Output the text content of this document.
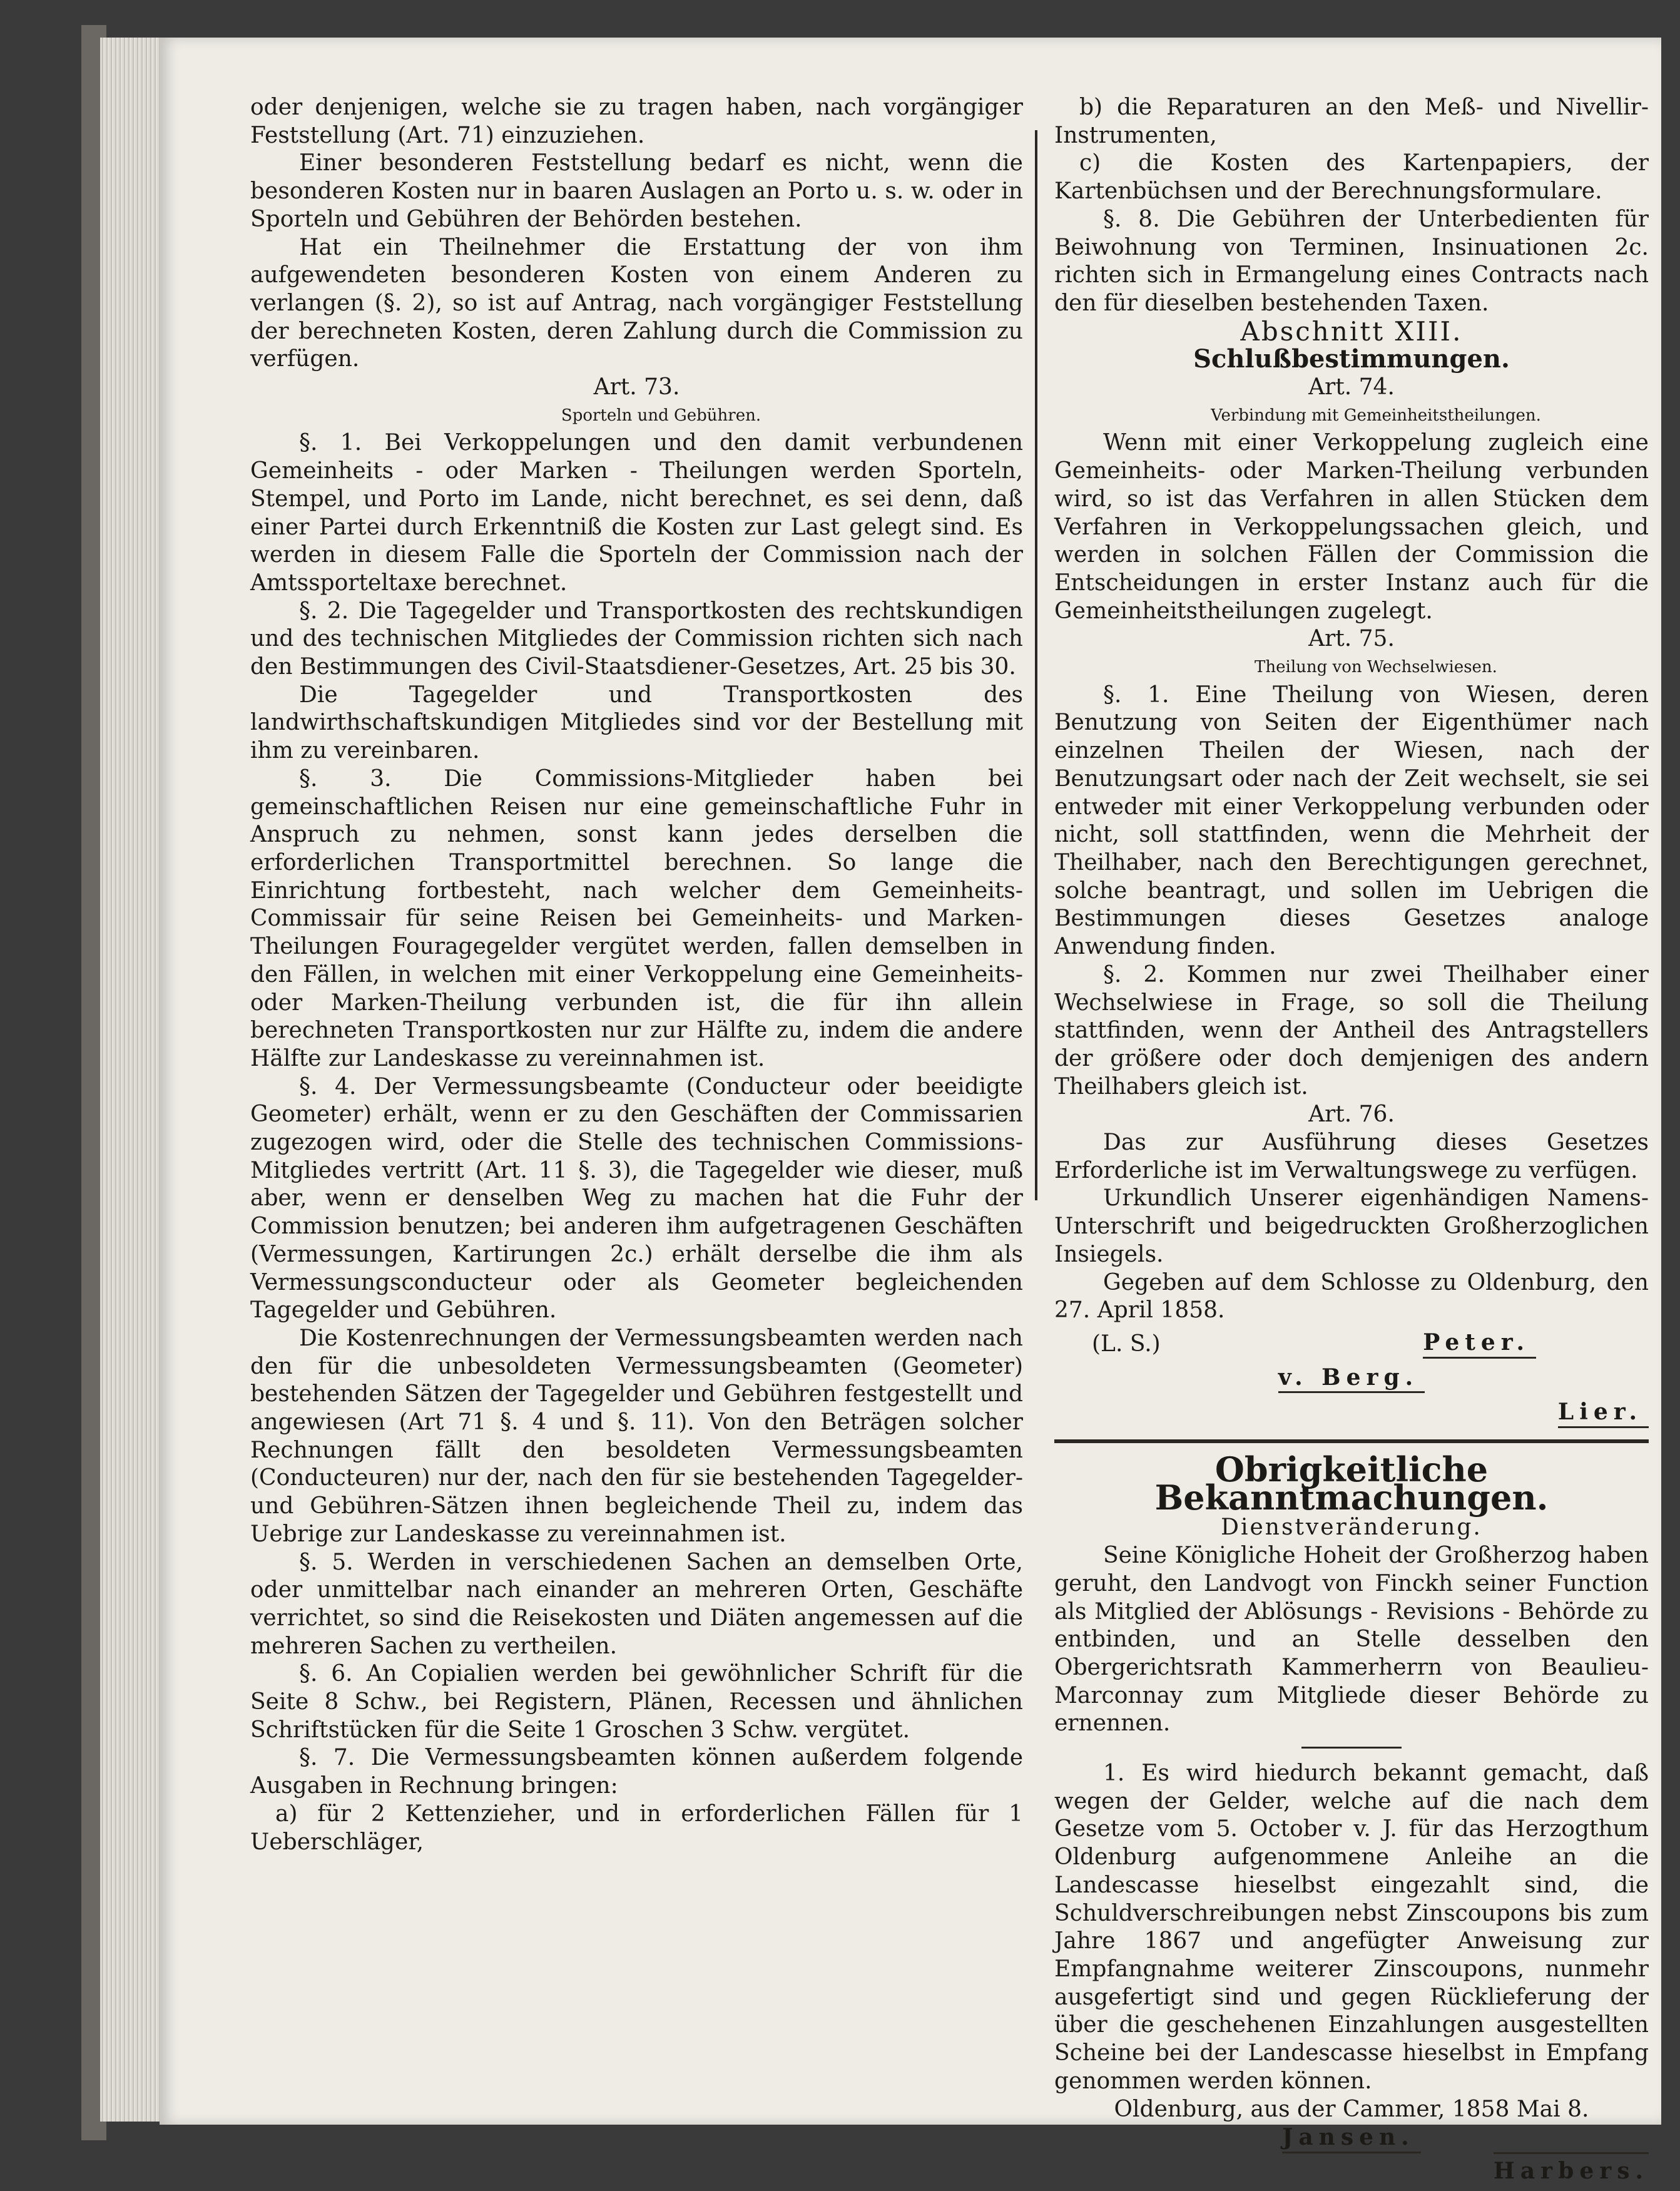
oder denjenigen, welche sie zu tragen haben, nach vorgängiger Feststellung (Art. 71) einzuziehen.

Einer besonderen Feststellung bedarf es nicht, wenn die besonderen Kosten nur in baaren Auslagen an Porto u. s. w. oder in Sporteln und Gebühren der Behörden bestehen.

Hat ein Theilnehmer die Erstattung der von ihm aufgewendeten besonderen Kosten von einem Anderen zu verlangen (§. 2), so ist auf Antrag, nach vorgängiger Feststellung der berechneten Kosten, deren Zahlung durch die Commission zu verfügen.

Art. 73.

Sporteln und Gebühren.

§. 1. Bei Verkoppelungen und den damit verbundenen Gemeinheits - oder Marken - Theilungen werden Sporteln, Stempel, und Porto im Lande, nicht berechnet, es sei denn, daß einer Partei durch Erkenntniß die Kosten zur Last gelegt sind. Es werden in diesem Falle die Sporteln der Commission nach der Amtssporteltaxe berechnet.

§. 2. Die Tagegelder und Transportkosten des rechtskundigen und des technischen Mitgliedes der Commission richten sich nach den Bestimmungen des Civil-Staatsdiener-Gesetzes, Art. 25 bis 30.

Die Tagegelder und Transportkosten des landwirthschaftskundigen Mitgliedes sind vor der Bestellung mit ihm zu vereinbaren.

§. 3. Die Commissions-Mitglieder haben bei gemeinschaftlichen Reisen nur eine gemeinschaftliche Fuhr in Anspruch zu nehmen, sonst kann jedes derselben die erforderlichen Transportmittel berechnen. So lange die Einrichtung fortbesteht, nach welcher dem Gemeinheits-Commissair für seine Reisen bei Gemeinheits- und Marken-Theilungen Fouragegelder vergütet werden, fallen demselben in den Fällen, in welchen mit einer Verkoppelung eine Gemeinheits- oder Marken-Theilung verbunden ist, die für ihn allein berechneten Transportkosten nur zur Hälfte zu, indem die andere Hälfte zur Landeskasse zu vereinnahmen ist.

§. 4. Der Vermessungsbeamte (Conducteur oder beeidigte Geometer) erhält, wenn er zu den Geschäften der Commissarien zugezogen wird, oder die Stelle des technischen Commissions-Mitgliedes vertritt (Art. 11 §. 3), die Tagegelder wie dieser, muß aber, wenn er denselben Weg zu machen hat die Fuhr der Commission benutzen; bei anderen ihm aufgetragenen Geschäften (Vermessungen, Kartirungen 2c.) erhält derselbe die ihm als Vermessungsconducteur oder als Geometer begleichenden Tagegelder und Gebühren.

Die Kostenrechnungen der Vermessungsbeamten werden nach den für die unbesoldeten Vermessungsbeamten (Geometer) bestehenden Sätzen der Tagegelder und Gebühren festgestellt und angewiesen (Art 71 §. 4 und §. 11). Von den Beträgen solcher Rechnungen fällt den besoldeten Vermessungsbeamten (Conducteuren) nur der, nach den für sie bestehenden Tagegelder- und Gebühren-Sätzen ihnen begleichende Theil zu, indem das Uebrige zur Landeskasse zu vereinnahmen ist.

§. 5. Werden in verschiedenen Sachen an demselben Orte, oder unmittelbar nach einander an mehreren Orten, Geschäfte verrichtet, so sind die Reisekosten und Diäten angemessen auf die mehreren Sachen zu vertheilen.

§. 6. An Copialien werden bei gewöhnlicher Schrift für die Seite 8 Schw., bei Registern, Plänen, Recessen und ähnlichen Schriftstücken für die Seite 1 Groschen 3 Schw. vergütet.

§. 7. Die Vermessungsbeamten können außerdem folgende Ausgaben in Rechnung bringen:

a) für 2 Kettenzieher, und in erforderlichen Fällen für 1 Ueberschläger,

b) die Reparaturen an den Meß- und Nivellir-Instrumenten,

c) die Kosten des Kartenpapiers, der Kartenbüchsen und der Berechnungsformulare.

§. 8. Die Gebühren der Unterbedienten für Beiwohnung von Terminen, Insinuationen 2c. richten sich in Ermangelung eines Contracts nach den für dieselben bestehenden Taxen.

Abschnitt XIII.

Schlußbestimmungen.

Art. 74.

Verbindung mit Gemeinheitstheilungen.

Wenn mit einer Verkoppelung zugleich eine Gemeinheits- oder Marken-Theilung verbunden wird, so ist das Verfahren in allen Stücken dem Verfahren in Verkoppelungssachen gleich, und werden in solchen Fällen der Commission die Entscheidungen in erster Instanz auch für die Gemeinheitstheilungen zugelegt.

Art. 75.

Theilung von Wechselwiesen.

§. 1. Eine Theilung von Wiesen, deren Benutzung von Seiten der Eigenthümer nach einzelnen Theilen der Wiesen, nach der Benutzungsart oder nach der Zeit wechselt, sie sei entweder mit einer Verkoppelung verbunden oder nicht, soll stattfinden, wenn die Mehrheit der Theilhaber, nach den Berechtigungen gerechnet, solche beantragt, und sollen im Uebrigen die Bestimmungen dieses Gesetzes analoge Anwendung finden.

§. 2. Kommen nur zwei Theilhaber einer Wechselwiese in Frage, so soll die Theilung stattfinden, wenn der Antheil des Antragstellers der größere oder doch demjenigen des andern Theilhabers gleich ist.

Art. 76.

Das zur Ausführung dieses Gesetzes Erforderliche ist im Verwaltungswege zu verfügen.

Urkundlich Unserer eigenhändigen Namens-Unterschrift und beigedruckten Großherzoglichen Insiegels.

Gegeben auf dem Schlosse zu Oldenburg, den 27. April 1858.

(L. S.)	Peter.
v. Berg.
Lier.
Obrigkeitliche Bekanntmachungen.

Dienstveränderung.

Seine Königliche Hoheit der Großherzog haben geruht, den Landvogt von Finckh seiner Function als Mitglied der Ablösungs - Revisions - Behörde zu entbinden, und an Stelle desselben den Obergerichtsrath Kammerherrn von Beaulieu-Marconnay zum Mitgliede dieser Behörde zu ernennen.

1. Es wird hiedurch bekannt gemacht, daß wegen der Gelder, welche auf die nach dem Gesetze vom 5. October v. J. für das Herzogthum Oldenburg aufgenommene Anleihe an die Landescasse hieselbst eingezahlt sind, die Schuldverschreibungen nebst Zinscoupons bis zum Jahre 1867 und angefügter Anweisung zur Empfangnahme weiterer Zinscoupons, nunmehr ausgefertigt sind und gegen Rücklieferung der über die geschehenen Einzahlungen ausgestellten Scheine bei der Landescasse hieselbst in Empfang genommen werden können.

Oldenburg, aus der Cammer, 1858 Mai 8.

Jansen.
Harbers.
